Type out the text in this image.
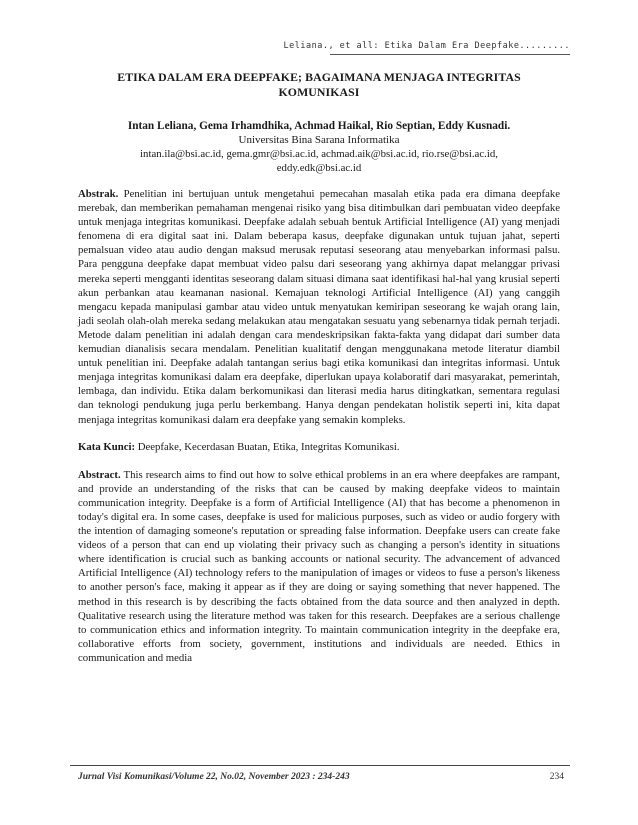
Leliana., et all: Etika Dalam Era Deepfake.........

ETIKA DALAM ERA DEEPFAKE; BAGAIMANA MENJAGA INTEGRITAS
KOMUNIKASI

Intan Leliana, Gema Irhamdhika, Achmad Haikal, Rio Septian, Eddy Kusnadi.
Universitas Bina Sarana Informatika
intan.ila@bsi.ac.id, gema.gmr@bsi.ac.id, achmad.aik@bsi.ac.id, rio.rse@bsi.ac.id,
eddy.edk@bsi.ac.id

Abstrak. Penelitian ini bertujuan untuk mengetahui pemecahan masalah etika pada era dimana deepfake merebak, dan memberikan pemahaman mengenai risiko yang bisa ditimbulkan dari pembuatan video deepfake untuk menjaga integritas komunikasi. Deepfake adalah sebuah bentuk Artificial Intelligence (AI) yang menjadi fenomena di era digital saat ini. Dalam beberapa kasus, deepfake digunakan untuk tujuan jahat, seperti pemalsuan video atau audio dengan maksud merusak reputasi seseorang atau menyebarkan informasi palsu. Para pengguna deepfake dapat membuat video palsu dari seseorang yang akhirnya dapat melanggar privasi mereka seperti mengganti identitas seseorang dalam situasi dimana saat identifikasi hal-hal yang krusial seperti akun perbankan atau keamanan nasional. Kemajuan teknologi Artificial Intelligence (AI) yang canggih mengacu kepada manipulasi gambar atau video untuk menyatukan kemiripan seseorang ke wajah orang lain, jadi seolah olah-olah mereka sedang melakukan atau mengatakan sesuatu yang sebenarnya tidak pernah terjadi. Metode dalam penelitian ini adalah dengan cara mendeskripsikan fakta-fakta yang didapat dari sumber data kemudian dianalisis secara mendalam. Penelitian kualitatif dengan menggunakana metode literatur diambil untuk penelitian ini. Deepfake adalah tantangan serius bagi etika komunikasi dan integritas informasi. Untuk menjaga integritas komunikasi dalam era deepfake, diperlukan upaya kolaboratif dari masyarakat, pemerintah, lembaga, dan individu. Etika dalam berkomunikasi dan literasi media harus ditingkatkan, sementara regulasi dan teknologi pendukung juga perlu berkembang. Hanya dengan pendekatan holistik seperti ini, kita dapat menjaga integritas komunikasi dalam era deepfake yang semakin kompleks.

Kata Kunci: Deepfake, Kecerdasan Buatan, Etika, Integritas Komunikasi.

Abstract. This research aims to find out how to solve ethical problems in an era where deepfakes are rampant, and provide an understanding of the risks that can be caused by making deepfake videos to maintain communication integrity. Deepfake is a form of Artificial Intelligence (AI) that has become a phenomenon in today's digital era. In some cases, deepfake is used for malicious purposes, such as video or audio forgery with the intention of damaging someone's reputation or spreading false information. Deepfake users can create fake videos of a person that can end up violating their privacy such as changing a person's identity in situations where identification is crucial such as banking accounts or national security. The advancement of advanced Artificial Intelligence (AI) technology refers to the manipulation of images or videos to fuse a person's likeness to another person's face, making it appear as if they are doing or saying something that never happened. The method in this research is by describing the facts obtained from the data source and then analyzed in depth. Qualitative research using the literature method was taken for this research. Deepfakes are a serious challenge to communication ethics and information integrity. To maintain communication integrity in the deepfake era, collaborative efforts from society, government, institutions and individuals are needed. Ethics in communication and media

Jurnal Visi Komunikasi/Volume 22, No.02, November 2023 : 234-243	234
